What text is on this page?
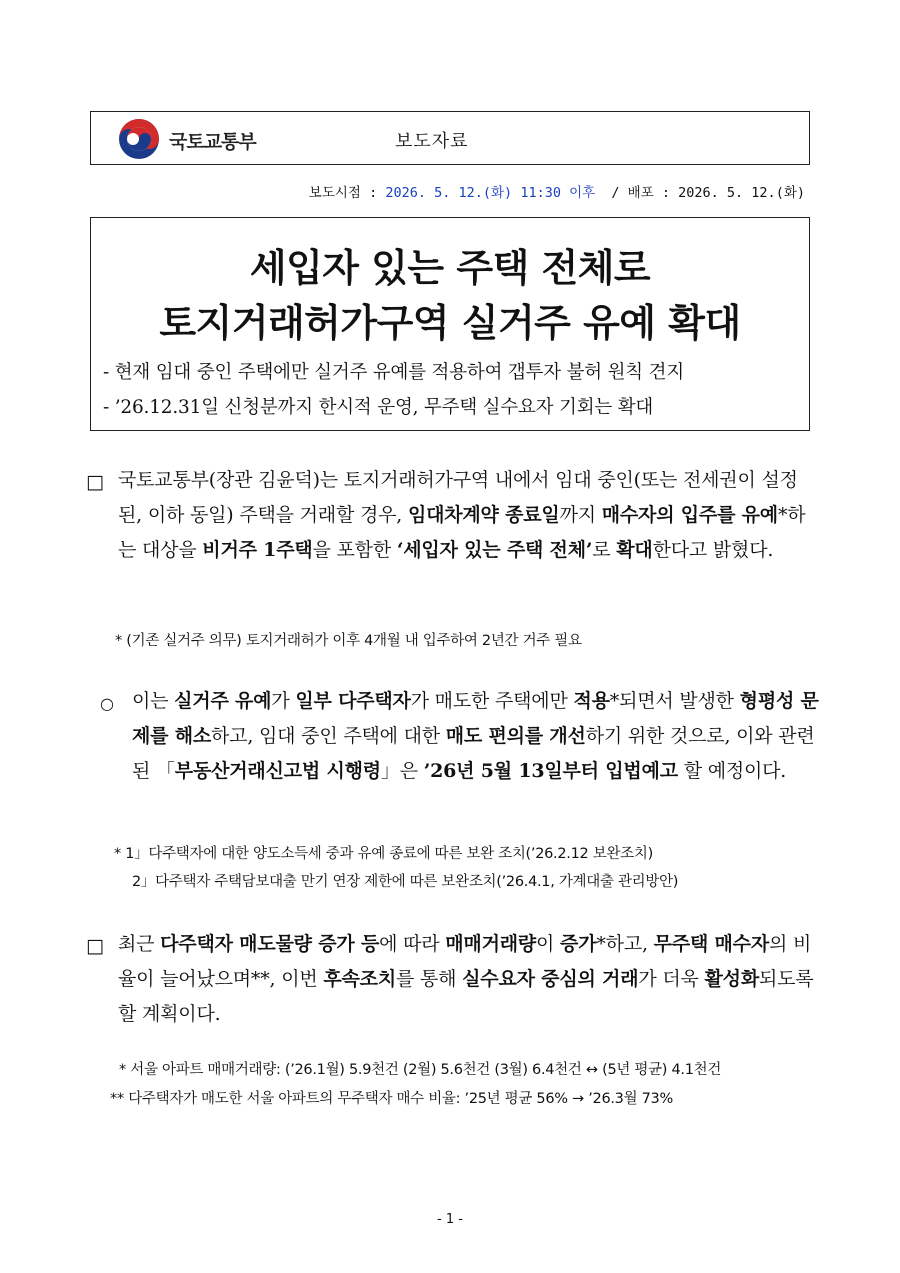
국토교통부	보도자료
보도시점 : 2026. 5. 12.(화) 11:30 이후  / 배포 : 2026. 5. 12.(화)
세입자 있는 주택 전체로
토지거래허가구역 실거주 유예 확대
- 현재 임대 중인 주택에만 실거주 유예를 적용하여 갭투자 불허 원칙 견지
- ’26.12.31일 신청분까지 한시적 운영, 무주택 실수요자 기회는 확대
□ 국토교통부(장관 김윤덕)는 토지거래허가구역 내에서 임대 중인(또는 전세권이 설정된, 이하 동일) 주택을 거래할 경우, 임대차계약 종료일까지 매수자의 입주를 유예*하는 대상을 비거주 1주택을 포함한 ‘세입자 있는 주택 전체’로 확대한다고 밝혔다.
* (기존 실거주 의무) 토지거래허가 이후 4개월 내 입주하여 2년간 거주 필요
○ 이는 실거주 유예가 일부 다주택자가 매도한 주택에만 적용*되면서 발생한 형평성 문제를 해소하고, 임대 중인 주택에 대한 매도 편의를 개선하기 위한 것으로, 이와 관련된 「부동산거래신고법 시행령」은 ’26년 5월 13일부터 입법예고 할 예정이다.
* 1」다주택자에 대한 양도소득세 중과 유예 종료에 따른 보완 조치(’26.2.12 보완조치)
2」다주택자 주택담보대출 만기 연장 제한에 따른 보완조치(’26.4.1, 가계대출 관리방안)
□ 최근 다주택자 매도물량 증가 등에 따라 매매거래량이 증가*하고, 무주택 매수자의 비율이 늘어났으며**, 이번 후속조치를 통해 실수요자 중심의 거래가 더욱 활성화되도록 할 계획이다.
* 서울 아파트 매매거래량: (’26.1월) 5.9천건 (2월) 5.6천건 (3월) 6.4천건 ↔ (5년 평균) 4.1천건
** 다주택자가 매도한 서울 아파트의 무주택자 매수 비율: ’25년 평균 56% → ’26.3월 73%
- 1 -
